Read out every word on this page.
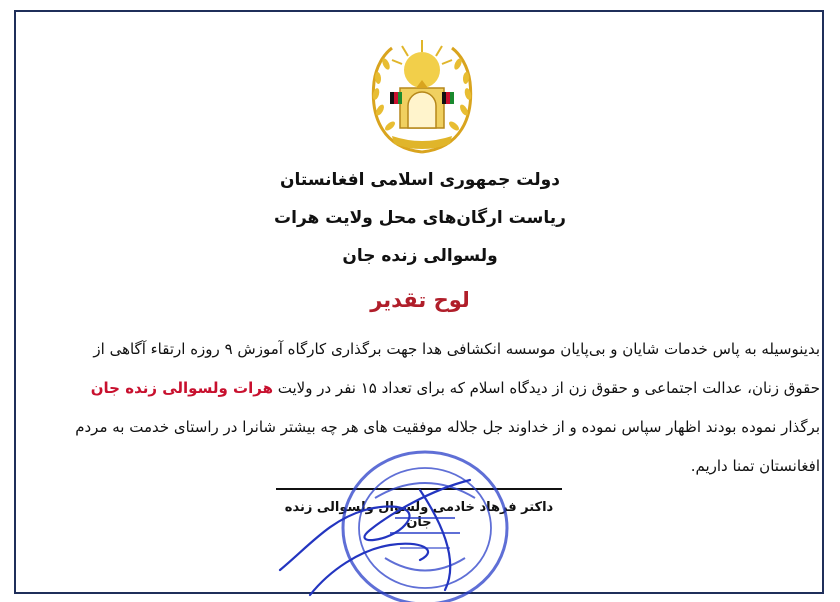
دولت جمهوری اسلامی افغانستان
ریاست ارگان‌های محل ولایت هرات
ولسوالی زنده جان
لوح تقدیر
بدینوسیله به پاس خدمات شایان و بی‌پایان موسسه انکشافی هدا جهت برگذاری کارگاه آموزش ۹ روزه ارتقاء آگاهی از
حقوق زنان، عدالت اجتماعی و حقوق زن از دیدگاه اسلام که برای تعداد ۱۵ نفر در ولایت هرات ولسوالی زنده جان
برگذار نموده بودند اظهار سپاس نموده و از خداوند جل جلاله موفقیت های هر چه بیشتر شانرا در راستای خدمت به مردم
افغانستان تمنا داریم.
داکتر فرهاد خادمی ولسوال ولسوالی زنده جان
